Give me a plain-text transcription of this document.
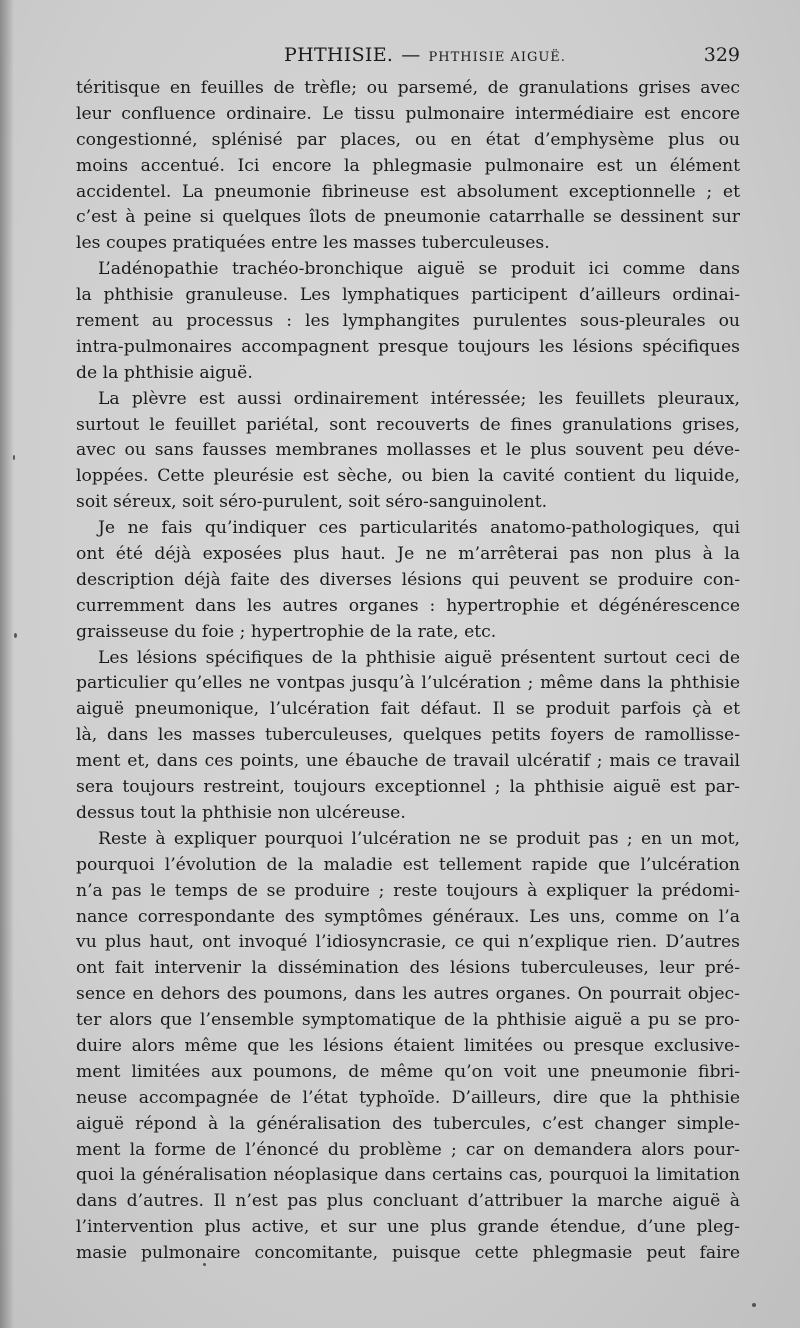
PHTHISIE. — PHTHISIE AIGUË.	329
téritisque en feuilles de trèfle; ou parsemé, de granulations grises avec
leur confluence ordinaire. Le tissu pulmonaire intermédiaire est encore
congestionné, splénisé par places, ou en état d’emphysème plus ou
moins accentué. Ici encore la phlegmasie pulmonaire est un élément
accidentel. La pneumonie fibrineuse est absolument exceptionnelle ; et
c’est à peine si quelques îlots de pneumonie catarrhalle se dessinent sur
les coupes pratiquées entre les masses tuberculeuses.
L’adénopathie trachéo-bronchique aiguë se produit ici comme dans
la phthisie granuleuse. Les lymphatiques participent d’ailleurs ordinai-
rement au processus : les lymphangites purulentes sous-pleurales ou
intra-pulmonaires accompagnent presque toujours les lésions spécifiques
de la phthisie aiguë.
La plèvre est aussi ordinairement intéressée; les feuillets pleuraux,
surtout le feuillet pariétal, sont recouverts de fines granulations grises,
avec ou sans fausses membranes mollasses et le plus souvent peu déve-
loppées. Cette pleurésie est sèche, ou bien la cavité contient du liquide,
soit séreux, soit séro-purulent, soit séro-sanguinolent.
Je ne fais qu’indiquer ces particularités anatomo-pathologiques, qui
ont été déjà exposées plus haut. Je ne m’arrêterai pas non plus à la
description déjà faite des diverses lésions qui peuvent se produire con-
curremment dans les autres organes : hypertrophie et dégénérescence
graisseuse du foie ; hypertrophie de la rate, etc.
Les lésions spécifiques de la phthisie aiguë présentent surtout ceci de
particulier qu’elles ne vontpas jusqu’à l’ulcération ; même dans la phthisie
aiguë pneumonique, l’ulcération fait défaut. Il se produit parfois çà et
là, dans les masses tuberculeuses, quelques petits foyers de ramollisse-
ment et, dans ces points, une ébauche de travail ulcératif ; mais ce travail
sera toujours restreint, toujours exceptionnel ; la phthisie aiguë est par-
dessus tout la phthisie non ulcéreuse.
Reste à expliquer pourquoi l’ulcération ne se produit pas ; en un mot,
pourquoi l’évolution de la maladie est tellement rapide que l’ulcération
n’a pas le temps de se produire ; reste toujours à expliquer la prédomi-
nance correspondante des symptômes généraux. Les uns, comme on l’a
vu plus haut, ont invoqué l’idiosyncrasie, ce qui n’explique rien. D’autres
ont fait intervenir la dissémination des lésions tuberculeuses, leur pré-
sence en dehors des poumons, dans les autres organes. On pourrait objec-
ter alors que l’ensemble symptomatique de la phthisie aiguë a pu se pro-
duire alors même que les lésions étaient limitées ou presque exclusive-
ment limitées aux poumons, de même qu’on voit une pneumonie fibri-
neuse accompagnée de l’état typhoïde. D’ailleurs, dire que la phthisie
aiguë répond à la généralisation des tubercules, c’est changer simple-
ment la forme de l’énoncé du problème ; car on demandera alors pour-
quoi la généralisation néoplasique dans certains cas, pourquoi la limitation
dans d’autres. Il n’est pas plus concluant d’attribuer la marche aiguë à
l’intervention plus active, et sur une plus grande étendue, d’une pleg-
masie pulmonaire concomitante, puisque cette phlegmasie peut faire
